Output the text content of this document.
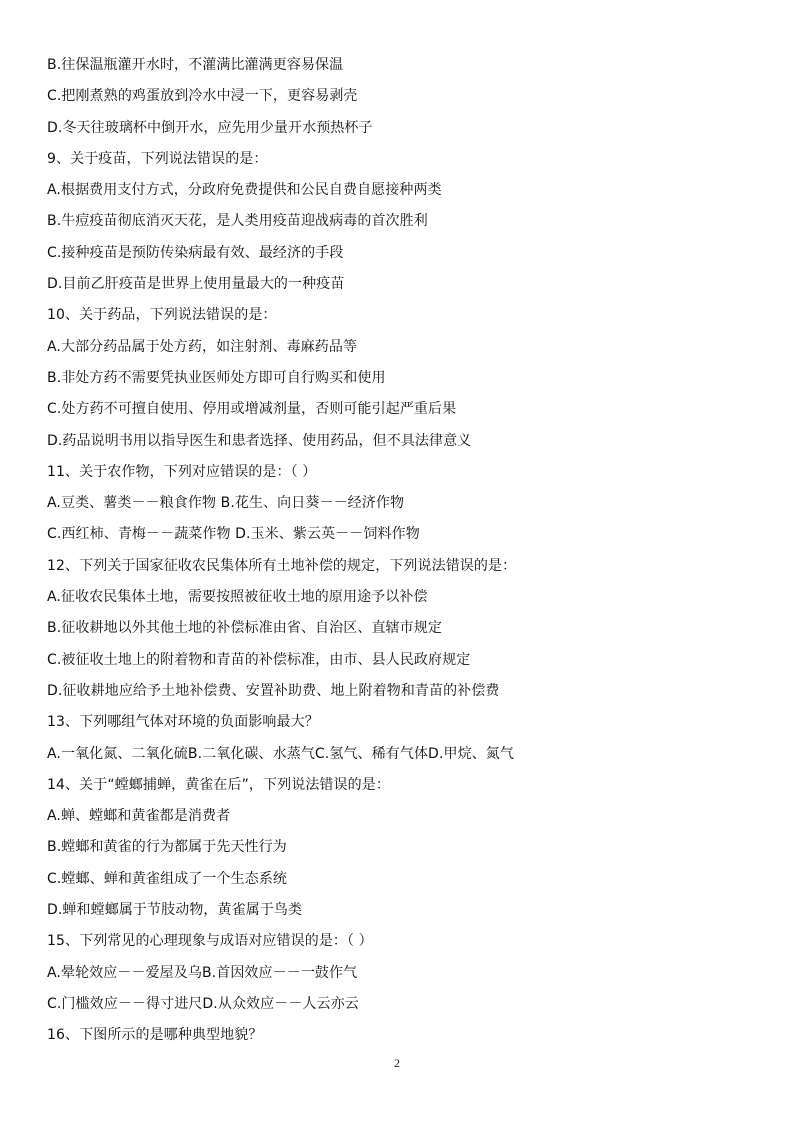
B.往保温瓶灌开水时，不灌满比灌满更容易保温
C.把刚煮熟的鸡蛋放到冷水中浸一下，更容易剥壳
D.冬天往玻璃杯中倒开水，应先用少量开水预热杯子
9、关于疫苗，下列说法错误的是：
A.根据费用支付方式，分政府免费提供和公民自费自愿接种两类
B.牛痘疫苗彻底消灭天花，是人类用疫苗迎战病毒的首次胜利
C.接种疫苗是预防传染病最有效、最经济的手段
D.目前乙肝疫苗是世界上使用量最大的一种疫苗
10、关于药品，下列说法错误的是：
A.大部分药品属于处方药，如注射剂、毒麻药品等
B.非处方药不需要凭执业医师处方即可自行购买和使用
C.处方药不可擅自使用、停用或增减剂量，否则可能引起严重后果
D.药品说明书用以指导医生和患者选择、使用药品，但不具法律意义
11、关于农作物，下列对应错误的是：（ ）
A.豆类、薯类－－粮食作物 B.花生、向日葵－－经济作物
C.西红柿、青梅－－蔬菜作物 D.玉米、紫云英－－饲料作物
12、下列关于国家征收农民集体所有土地补偿的规定，下列说法错误的是：
A.征收农民集体土地，需要按照被征收土地的原用途予以补偿
B.征收耕地以外其他土地的补偿标准由省、自治区、直辖市规定
C.被征收土地上的附着物和青苗的补偿标准，由市、县人民政府规定
D.征收耕地应给予土地补偿费、安置补助费、地上附着物和青苗的补偿费
13、下列哪组气体对环境的负面影响最大？
A.一氧化氮、二氧化硫B.二氧化碳、水蒸气C.氢气、稀有气体D.甲烷、氮气
14、关于“螳螂捕蝉，黄雀在后”，下列说法错误的是：
A.蝉、螳螂和黄雀都是消费者
B.螳螂和黄雀的行为都属于先天性行为
C.螳螂、蝉和黄雀组成了一个生态系统
D.蝉和螳螂属于节肢动物，黄雀属于鸟类
15、下列常见的心理现象与成语对应错误的是：（ ）
A.晕轮效应－－爱屋及乌B.首因效应－－一鼓作气
C.门槛效应－－得寸进尺D.从众效应－－人云亦云
16、下图所示的是哪种典型地貌？
2
